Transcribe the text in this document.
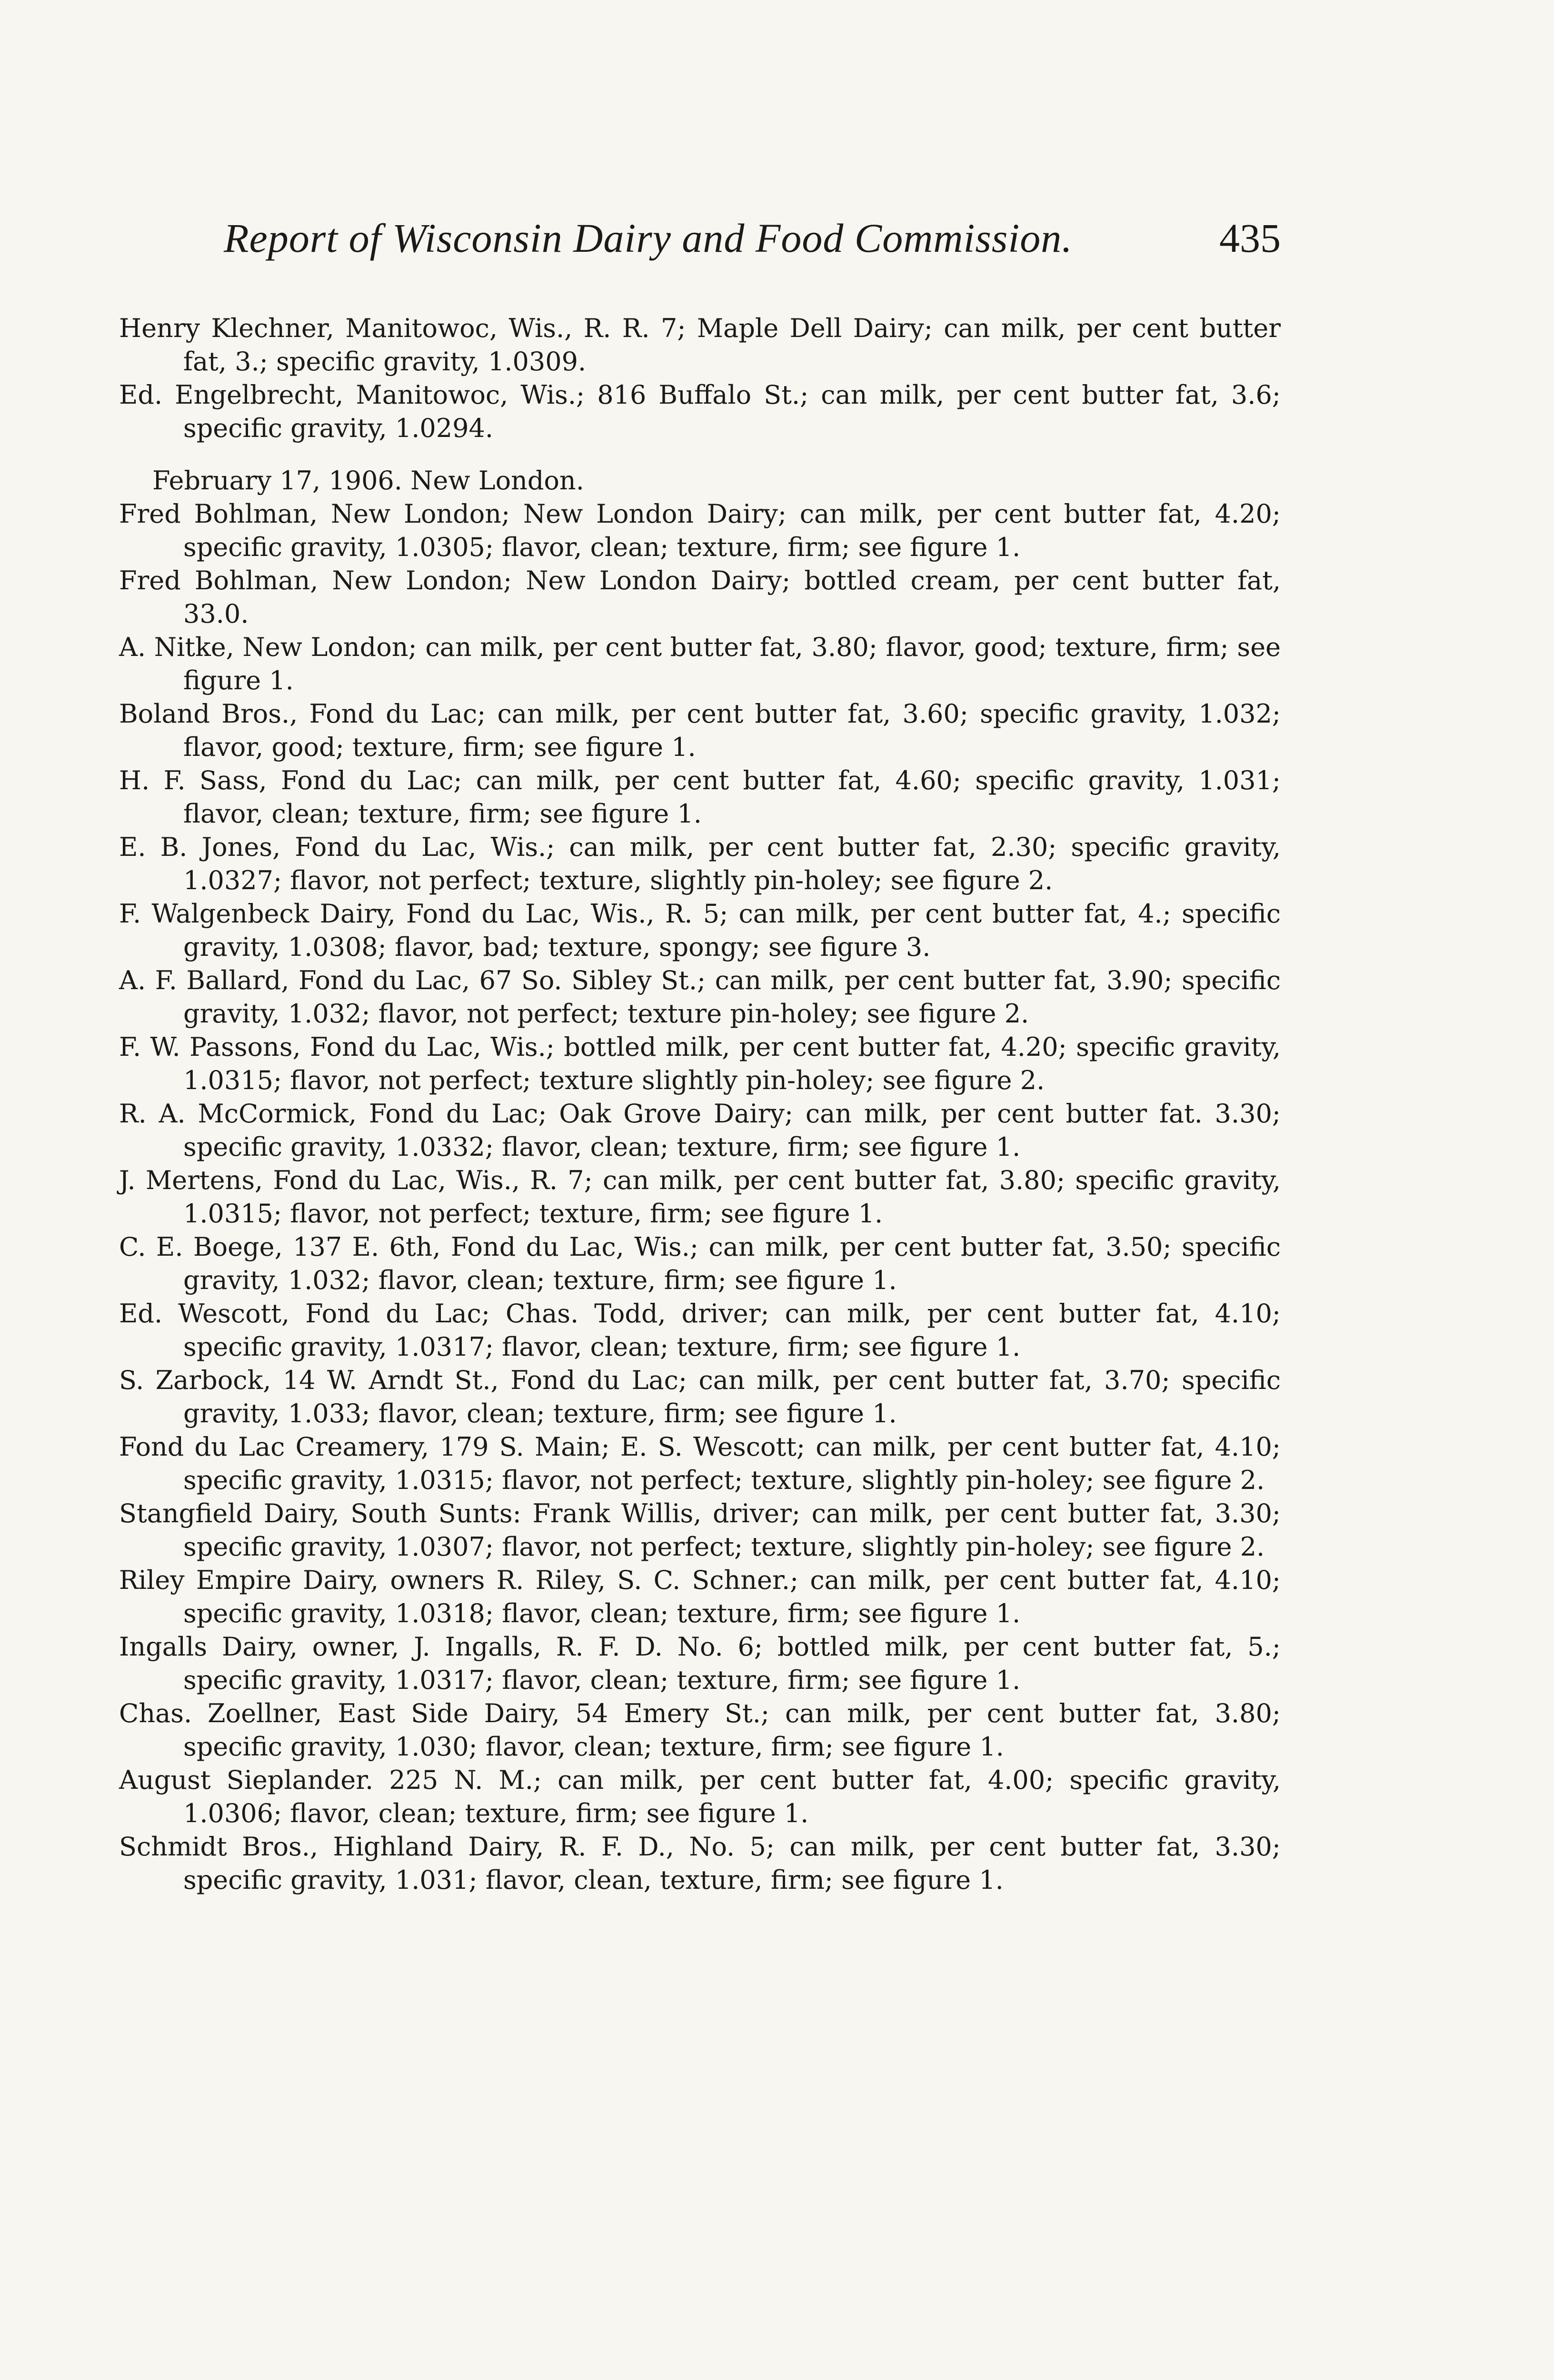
Report of Wisconsin Dairy and Food Commission.	435

Henry Klechner, Manitowoc, Wis., R. R. 7; Maple Dell Dairy; can milk, per cent butter fat, 3.; specific gravity, 1.0309.

Ed. Engelbrecht, Manitowoc, Wis.; 816 Buffalo St.; can milk, per cent butter fat, 3.6; specific gravity, 1.0294.

February 17, 1906. New London.

Fred Bohlman, New London; New London Dairy; can milk, per cent butter fat, 4.20; specific gravity, 1.0305; flavor, clean; texture, firm; see figure 1.

Fred Bohlman, New London; New London Dairy; bottled cream, per cent butter fat, 33.0.

A. Nitke, New London; can milk, per cent butter fat, 3.80; flavor, good; texture, firm; see figure 1.

Boland Bros., Fond du Lac; can milk, per cent butter fat, 3.60; specific gravity, 1.032; flavor, good; texture, firm; see figure 1.

H. F. Sass, Fond du Lac; can milk, per cent butter fat, 4.60; specific gravity, 1.031; flavor, clean; texture, firm; see figure 1.

E. B. Jones, Fond du Lac, Wis.; can milk, per cent butter fat, 2.30; specific gravity, 1.0327; flavor, not perfect; texture, slightly pin-holey; see figure 2.

F. Walgenbeck Dairy, Fond du Lac, Wis., R. 5; can milk, per cent butter fat, 4.; specific gravity, 1.0308; flavor, bad; texture, spongy; see figure 3.

A. F. Ballard, Fond du Lac, 67 So. Sibley St.; can milk, per cent butter fat, 3.90; specific gravity, 1.032; flavor, not perfect; texture pin-holey; see figure 2.

F. W. Passons, Fond du Lac, Wis.; bottled milk, per cent butter fat, 4.20; specific gravity, 1.0315; flavor, not perfect; texture slightly pin-holey; see figure 2.

R. A. McCormick, Fond du Lac; Oak Grove Dairy; can milk, per cent butter fat. 3.30; specific gravity, 1.0332; flavor, clean; texture, firm; see figure 1.

J. Mertens, Fond du Lac, Wis., R. 7; can milk, per cent butter fat, 3.80; specific gravity, 1.0315; flavor, not perfect; texture, firm; see figure 1.

C. E. Boege, 137 E. 6th, Fond du Lac, Wis.; can milk, per cent butter fat, 3.50; specific gravity, 1.032; flavor, clean; texture, firm; see figure 1.

Ed. Wescott, Fond du Lac; Chas. Todd, driver; can milk, per cent butter fat, 4.10; specific gravity, 1.0317; flavor, clean; texture, firm; see figure 1.

S. Zarbock, 14 W. Arndt St., Fond du Lac; can milk, per cent butter fat, 3.70; specific gravity, 1.033; flavor, clean; texture, firm; see figure 1.

Fond du Lac Creamery, 179 S. Main; E. S. Wescott; can milk, per cent butter fat, 4.10; specific gravity, 1.0315; flavor, not perfect; texture, slightly pin-holey; see figure 2.

Stangfield Dairy, South Sunts: Frank Willis, driver; can milk, per cent butter fat, 3.30; specific gravity, 1.0307; flavor, not perfect; texture, slightly pin-holey; see figure 2.

Riley Empire Dairy, owners R. Riley, S. C. Schner.; can milk, per cent butter fat, 4.10; specific gravity, 1.0318; flavor, clean; texture, firm; see figure 1.

Ingalls Dairy, owner, J. Ingalls, R. F. D. No. 6; bottled milk, per cent butter fat, 5.; specific gravity, 1.0317; flavor, clean; texture, firm; see figure 1.

Chas. Zoellner, East Side Dairy, 54 Emery St.; can milk, per cent butter fat, 3.80; specific gravity, 1.030; flavor, clean; texture, firm; see figure 1.

August Sieplander. 225 N. M.; can milk, per cent butter fat, 4.00; specific gravity, 1.0306; flavor, clean; texture, firm; see figure 1.

Schmidt Bros., Highland Dairy, R. F. D., No. 5; can milk, per cent butter fat, 3.30; specific gravity, 1.031; flavor, clean, texture, firm; see figure 1.
